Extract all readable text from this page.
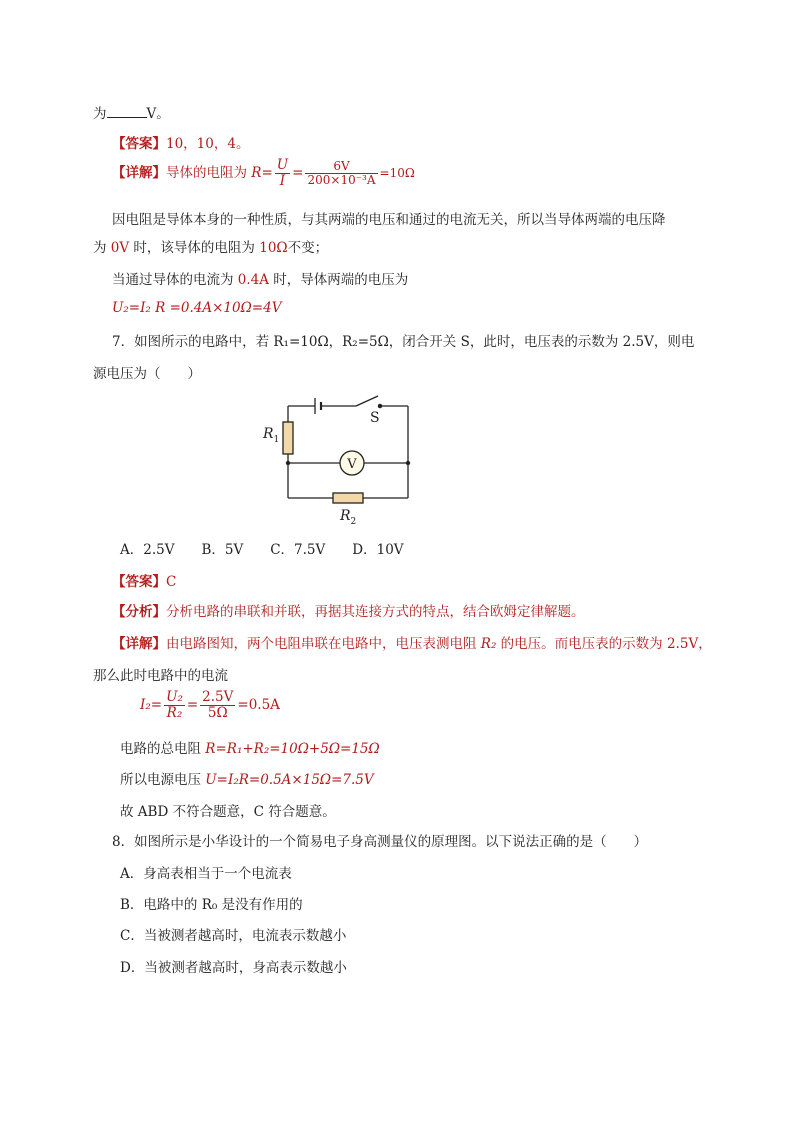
为	V。
【答案】10，10，4。
【详解】导体的电阻为 $R= \frac{U}{I} = \frac{6V}{\text{200×10⁻³A}} =10\Omega$
因电阻是导体本身的一种性质，与其两端的电压和通过的电流无关，所以当导体两端的电压降
为 0V 时，该导体的电阻为 10Ω不变；
当通过导体的电流为 0.4A 时，导体两端的电压为
U₂=I₂ R =0.4A×10Ω=4V
7．如图所示的电路中，若 R₁=10Ω，R₂=5Ω，闭合开关 S，此时，电压表的示数为 2.5V，则电
源电压为（　　）
V
S
$R_1$
$R_2$
A．2.5V　　B．5V　　C．7.5V　　D．10V
【答案】C
【分析】分析电路的串联和并联，再据其连接方式的特点，结合欧姆定律解题。
【详解】由电路图知，两个电阻串联在电路中，电压表测电阻 R₂ 的电压。而电压表的示数为 2.5V，
那么此时电路中的电流
$I_2= \frac{\text{U₂}}{\text{R₂}} = \frac{2.5V}{5\Omega} =0.5A$
电路的总电阻 R=R₁+R₂=10Ω+5Ω=15Ω
所以电源电压 U=I₂R=0.5A×15Ω=7.5V
故 ABD 不符合题意，C 符合题意。
8．如图所示是小华设计的一个简易电子身高测量仪的原理图。以下说法正确的是（　　）
A．身高表相当于一个电流表
B．电路中的 R₀ 是没有作用的
C．当被测者越高时，电流表示数越小
D．当被测者越高时，身高表示数越小
